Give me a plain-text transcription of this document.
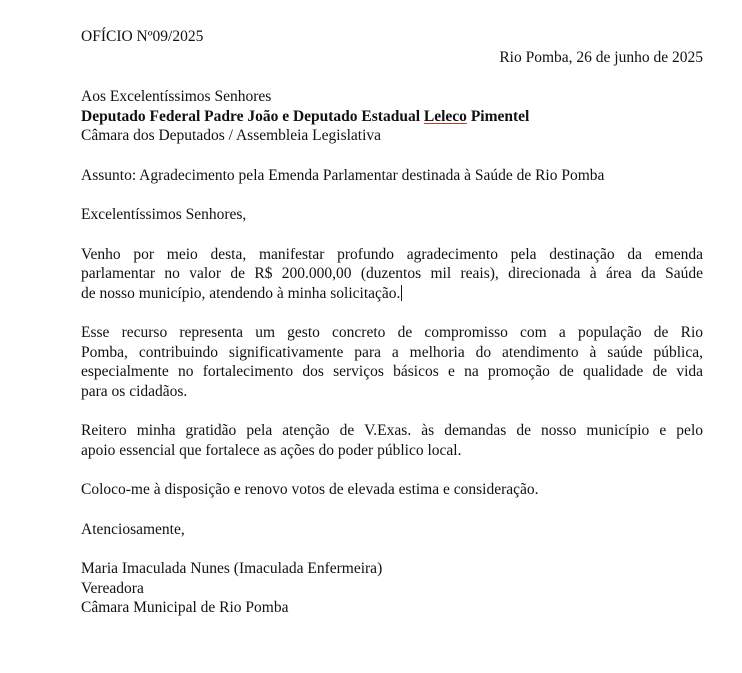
OFÍCIO Nº09/2025
Rio Pomba, 26 de junho de 2025
Aos Excelentíssimos Senhores
Deputado Federal Padre João e Deputado Estadual Leleco Pimentel
Câmara dos Deputados / Assembleia Legislativa
Assunto: Agradecimento pela Emenda Parlamentar destinada à Saúde de Rio Pomba
Excelentíssimos Senhores,
Venho por meio desta, manifestar profundo agradecimento pela destinação da emenda
parlamentar no valor de R$ 200.000,00 (duzentos mil reais), direcionada à área da Saúde
de nosso município, atendendo à minha solicitação.
Esse recurso representa um gesto concreto de compromisso com a população de Rio
Pomba, contribuindo significativamente para a melhoria do atendimento à saúde pública,
especialmente no fortalecimento dos serviços básicos e na promoção de qualidade de vida
para os cidadãos.
Reitero minha gratidão pela atenção de V.Exas. às demandas de nosso município e pelo
apoio essencial que fortalece as ações do poder público local.
Coloco-me à disposição e renovo votos de elevada estima e consideração.
Atenciosamente,
Maria Imaculada Nunes (Imaculada Enfermeira)
Vereadora
Câmara Municipal de Rio Pomba
